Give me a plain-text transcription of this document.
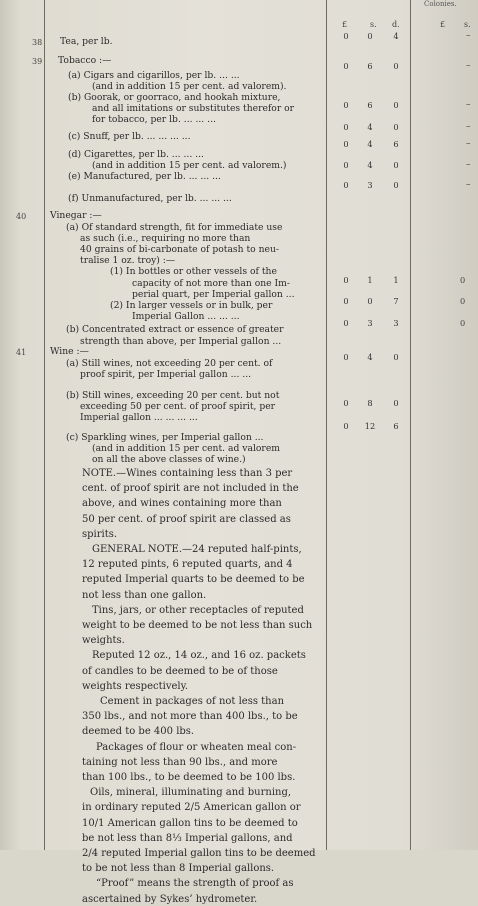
Colonies.
£	s. d.	£ s.
38 Tea, per lb.	0	0	4	–
39 Tobacco :—
(a) Cigars and cigarillos, per lb. ... ...
0	6	0	–
(and in addition 15 per cent. ad valorem).
(b) Goorak, or goorraco, and hookah mixture,
and all imitations or substitutes therefor or
for tobacco, per lb. ... ... ...
0	6	0	–
(c) Snuff, per lb. ... ... ... ...
0	4	0	–
(d) Cigarettes, per lb. ... ... ...
0	4	6	–
(and in addition 15 per cent. ad valorem.)
(e) Manufactured, per lb. ... ... ...
0	4	0	–
(f) Unmanufactured, per lb. ... ... ...
0	3	0	–
40	Vinegar :—
(a) Of standard strength, fit for immediate use
as such (i.e., requiring no more than
40 grains of bi-carbonate of potash to neu-
tralise 1 oz. troy) :—
(1) In bottles or other vessels of the
capacity of not more than one Im-
perial quart, per Imperial gallon ...
0	1	1	0
(2) In larger vessels or in bulk, per
Imperial Gallon ... ... ...
0	0	7	0
(b) Concentrated extract or essence of greater
strength than above, per Imperial gallon ...
0	3	3	0
41	Wine :—
(a) Still wines, not exceeding 20 per cent. of
proof spirit, per Imperial gallon ... ...
0	4	0
(b) Still wines, exceeding 20 per cent. but not
exceeding 50 per cent. of proof spirit, per
Imperial gallon ... ... ... ...
0	8	0
(c) Sparkling wines, per Imperial gallon ...
0	12	6
(and in addition 15 per cent. ad valorem
on all the above classes of wine.)
NOTE.—Wines containing less than 3 per
cent. of proof spirit are not included in the
above, and wines containing more than
50 per cent. of proof spirit are classed as
spirits.
GENERAL NOTE.—24 reputed half-pints,
12 reputed pints, 6 reputed quarts, and 4
reputed Imperial quarts to be deemed to be
not less than one gallon.
Tins, jars, or other receptacles of reputed
weight to be deemed to be not less than such
weights.
Reputed 12 oz., 14 oz., and 16 oz. packets
of candles to be deemed to be of those
weights respectively.
Cement in packages of not less than
350 lbs., and not more than 400 lbs., to be
deemed to be 400 lbs.
Packages of flour or wheaten meal con-
taining not less than 90 lbs., and more
than 100 lbs., to be deemed to be 100 lbs.
Oils, mineral, illuminating and burning,
in ordinary reputed 2/5 American gallon or
10/1 American gallon tins to be deemed to
be not less than 8⅓ Imperial gallons, and
2/4 reputed Imperial gallon tins to be deemed
to be not less than 8 Imperial gallons.
“Proof” means the strength of proof as
ascertained by Sykes’ hydrometer.
